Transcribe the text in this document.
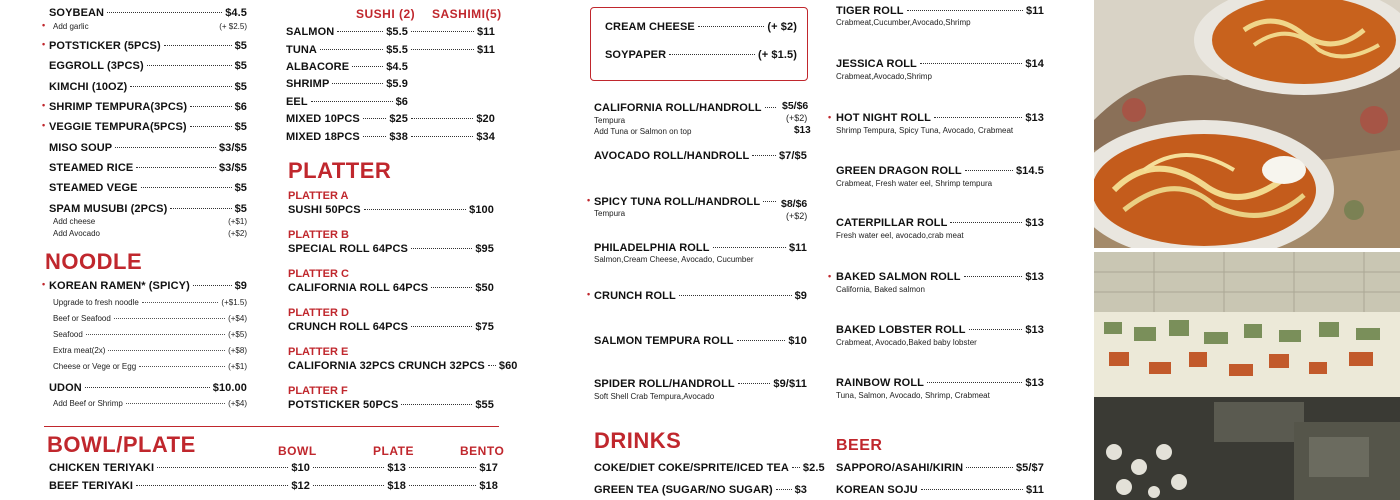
SOYBEAN	$4.5
• Add garlic	(+ $2.5)
• POTSTICKER (5PCS)	$5
EGGROLL (3PCS)	$5
KIMCHI (10OZ)	$5
• SHRIMP TEMPURA(3PCS)	$6
• VEGGIE TEMPURA(5PCS)	$5
MISO SOUP	$3/$5
STEAMED RICE	$3/$5
STEAMED VEGE	$5
SPAM MUSUBI (2PCS)	$5
Add cheese	(+$1)
Add Avocado	(+$2)
NOODLE
• KOREAN RAMEN* (SPICY)	$9
Upgrade to fresh noodle	(+$1.5)
Beef or Seafood	(+$4)
Seafood	(+$5)
Extra meat(2x)	(+$8)
Cheese or Vege or Egg	(+$1)
UDON	$10.00
Add Beef or Shrimp	(+$4)
SUSHI (2) SASHIMI(5)
SALMON	$5.5	$11
TUNA	$5.5	$11
ALBACORE	$4.5
SHRIMP	$5.9
EEL	$6
MIXED 10PCS	$25	$20
MIXED 18PCS	$38	$34
PLATTER
PLATTER A
SUSHI 50PCS	$100
PLATTER B
SPECIAL ROLL 64PCS	$95
PLATTER C
CALIFORNIA ROLL 64PCS	$50
PLATTER D
CRUNCH ROLL 64PCS	$75
PLATTER E
CALIFORNIA 32PCS CRUNCH 32PCS $60
PLATTER F
POTSTICKER 50PCS	$55
BOWL/PLATE	BOWL	PLATE	BENTO
CHICKEN TERIYAKI	$10	$13	$17
BEEF TERIYAKI	$12	$18	$18
CREAM CHEESE	(+ $2)
SOYPAPER	(+ $1.5)
CALIFORNIA ROLL/HANDROLL $5/$6
Tempura	(+$2)
Add Tuna or Salmon on top	$13
AVOCADO ROLL/HANDROLL	$7/$5
• SPICY TUNA ROLL/HANDROLL $8/$6
Tempura	(+$2)
PHILADELPHIA ROLL	$11
Salmon,Cream Cheese, Avocado, Cucumber
• CRUNCH ROLL	$9
SALMON TEMPURA ROLL	$10
SPIDER ROLL/HANDROLL	$9/$11
Soft Shell Crab Tempura,Avocado
DRINKS
COKE/DIET COKE/SPRITE/ICED TEA $2.5
GREEN TEA (SUGAR/NO SUGAR) $3
TIGER ROLL	$11
Crabmeat,Cucumber,Avocado,Shrimp
JESSICA ROLL	$14
Crabmeat,Avocado,Shrimp
• HOT NIGHT ROLL	$13
Shrimp Tempura, Spicy Tuna, Avocado, Crabmeat
GREEN DRAGON ROLL	$14.5
Crabmeat, Fresh water eel, Shrimp tempura
CATERPILLAR ROLL	$13
Fresh water eel, avocado,crab meat
• BAKED SALMON ROLL	$13
California, Baked salmon
BAKED LOBSTER ROLL	$13
Crabmeat, Avocado,Baked baby lobster
RAINBOW ROLL	$13
Tuna, Salmon, Avocado, Shrimp, Crabmeat
BEER
SAPPORO/ASAHI/KIRIN	$5/$7
KOREAN SOJU	$11
